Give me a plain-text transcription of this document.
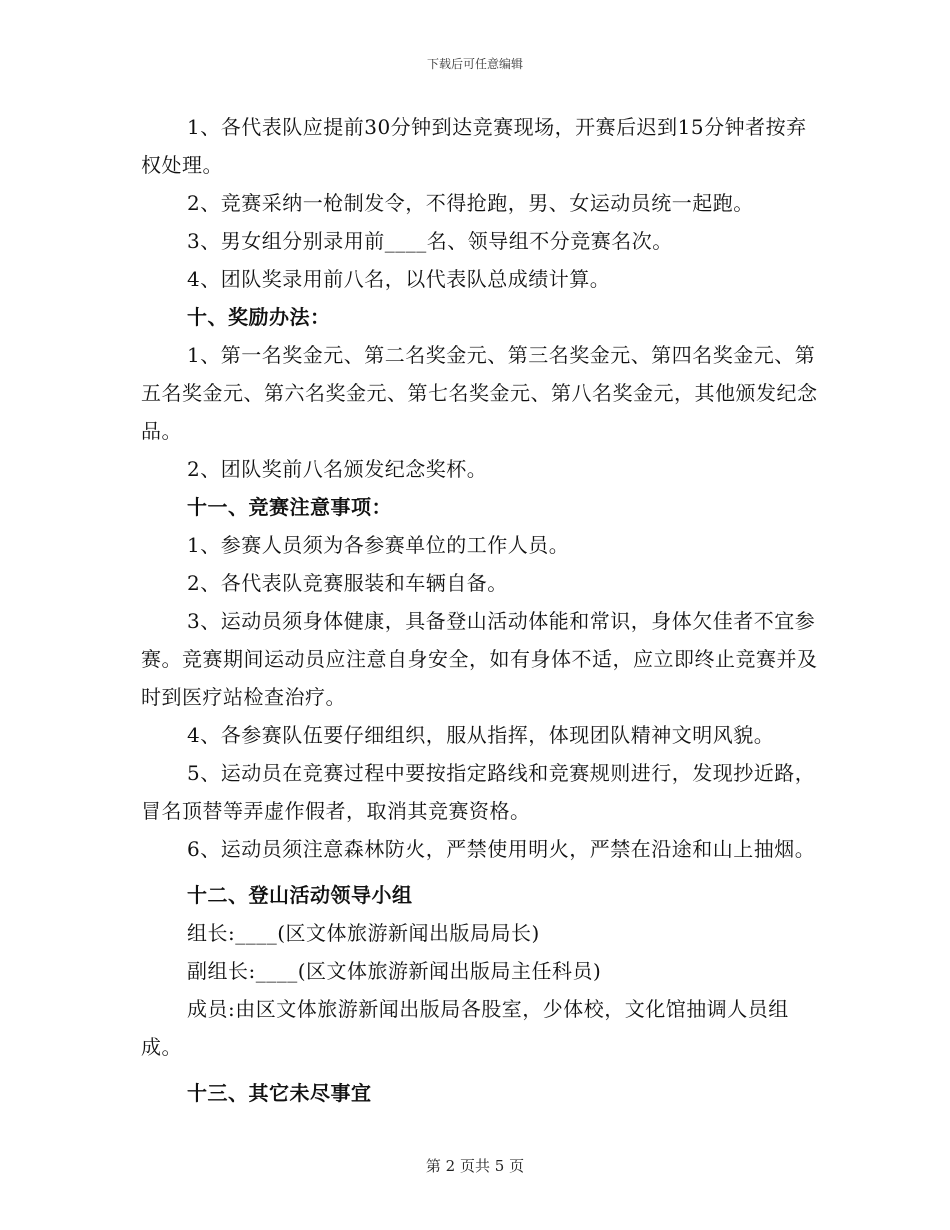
下载后可任意编辑

1、各代表队应提前30分钟到达竞赛现场，开赛后迟到15分钟者按弃权处理。

2、竞赛采纳一枪制发令，不得抢跑，男、女运动员统一起跑。

3、男女组分别录用前____名、领导组不分竞赛名次。

4、团队奖录用前八名，以代表队总成绩计算。

十、奖励办法：

1、第一名奖金元、第二名奖金元、第三名奖金元、第四名奖金元、第五名奖金元、第六名奖金元、第七名奖金元、第八名奖金元，其他颁发纪念品。

2、团队奖前八名颁发纪念奖杯。

十一、竞赛注意事项：

1、参赛人员须为各参赛单位的工作人员。

2、各代表队竞赛服装和车辆自备。

3、运动员须身体健康，具备登山活动体能和常识，身体欠佳者不宜参赛。竞赛期间运动员应注意自身安全，如有身体不适，应立即终止竞赛并及时到医疗站检查治疗。

4、各参赛队伍要仔细组织，服从指挥，体现团队精神文明风貌。

5、运动员在竞赛过程中要按指定路线和竞赛规则进行，发现抄近路，冒名顶替等弄虚作假者，取消其竞赛资格。

6、运动员须注意森林防火，严禁使用明火，严禁在沿途和山上抽烟。

十二、登山活动领导小组

组长:____(区文体旅游新闻出版局局长)

副组长:____(区文体旅游新闻出版局主任科员)

成员:由区文体旅游新闻出版局各股室，少体校，文化馆抽调人员组成。

十三、其它未尽事宜

第 2 页共 5 页
